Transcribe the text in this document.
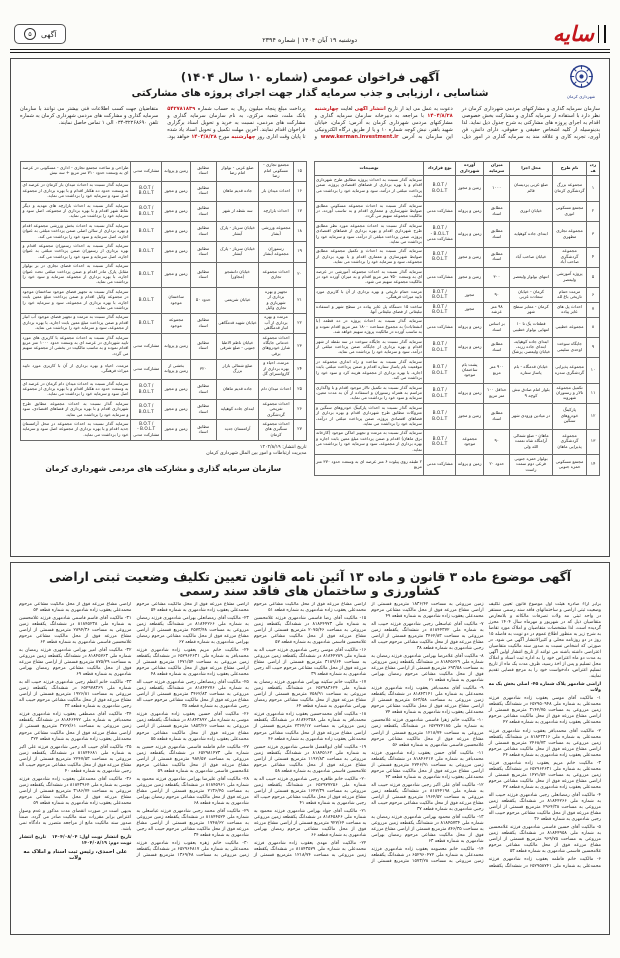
سایه
دوشنبه ۱۹ آبان ۱۴۰۴ | شماره ۲۳۹۴
آگهی
۵
شهرداری کرمان
آگهی فراخوان عمومی (شماره ۱۰ سال ۱۴۰۴)
شناسایی ، ارزیابی و جذب سرمایه گذار جهت اجرای پروژه های مشارکتی
سازمان سرمایه گذاری و مشارکتهای مردمی شهرداری کرمان در نظر دارد با استفاده از سرمایه گذاری و مشارکت بخش خصوصی اقدام به اجرای پروژه های مشارکتی به شرح جدول ذیل نماید. لذا بدینوسیله از کلیه اشخاص حقیقی و حقوقی، دارای دانش، فن آوری، تجربه کاری و علاقه مند به سرمایه گذاری در امور ذیل، دعوت به عمل می آید از تاریخ انتشار آگهی لغایت چهارشنبه ۱۴۰۴/۸/۲۸ با مراجعه به دبیرخانه سازمان سرمایه گذاری و مشارکتهای مردمی شهرداری کرمان به آدرس: کرمان، خیابان شهید باهنر، نبش کوچه شماره ۱۰ و یا از طریق درگاه الکترونیکی این سازمان به آدرس www.kerman.investment.ir و پرداخت مبلغ پنجاه میلیون ریال به حساب شماره ۵۴۲۷۸۱۸۳۹ بانک ملت، شعبه مرکزی، به نام سازمان سرمایه گذاری و مشارکت های مردمی، نسبت به خرید و تحویل اسناد برگزاری فراخوان اقدام نمایند. آخرین مهلت تکمیل و تحویل اسناد یاد شده تا پایان وقت اداری روز چهارشنبه مورخ ۱۴۰۴/۸/۲۸ خواهد بود. متقاضیان جهت کسب اطلاعات فنی بیشتر می توانند با سازمان سرمایه گذاری و مشارکت های مردمی شهرداری کرمان به شماره تلفن ۳۲۲۶۸۶۹۰-۰۳۴ الی ۱ تماس حاصل نمایند.
ردیف	نام طرح	محل اجرا	میزان سرمایه	آورده شهرداری	نوع قرارداد	توضیحات
۱	مجموعه بزرگ گردشگری کرمان	ضلع غربی پردیسان قائم	۱۰۰۰	زمین و مجوز	B.O.T / B.O.L.T	سرمایه گذار نسبت به احداث پروژه مطابق طرح شهرداری اقدام و با بهره برداری از فضاهای اقتصادی پروژه، ضمن پرداخت مبلغی از درآمد، سود و سرمایه خود را برداشت می نماید.
۲	مجتمع مسکونی انوری	خیابان انوری	مطابق اسناد	زمین و پروانه	مشارکت مدنی	سرمایه گذار نسبت به احداث مجموعه مسکونی مطابق ضوابط شهرسازی و معماری اقدام و به تناسب آورده، در مالکیت مجموعه سهیم می گردد.
۳	مجموعه تجاری مطهری	ابتدای جاده کوهپایه	مطابق اسناد	زمین و پروانه	B.O.T / B.O.L.T - مشارکت مدنی	سرمایه گذار نسبت به احداث مجموعه مورد نظر مطابق طرح شهرداری اقدام و بهره برداری از فضاهای اقتصادی پروژه، ضمن پرداخت مبلغی از درآمد، سود و سرمایه خود را برداشت می نماید.
۴	مجموعه گردشگری صاحب آباد	خیابان صاحب آباد	مطابق اسناد	زمین و مجوز	B.O.T / B.O.L.T	سرمایه گذار نسبت به احداث و تکمیل مجموعه مطابق ضوابط شهرسازی و معماری اقدام و با بهره برداری از مجموعه، سود و سرمایه خود را برداشت می نماید.
۵	پروژه آموزشی ولیعصر	انتهای بولوار ولیعصر	۳۰۰	زمین و مجوز	مشارکت مدنی	سرمایه گذار نسبت به احداث مجموعه آموزشی در عرصه ای به وسعت ۷۵۰ متر مربع اقدام و به میزان آورده خود در مالکیت مجموعه سهیم می شود.
۶	مرمت حمام تاریخی باغ لله	کرمان - خیابان سعادت غربی	۹۰	مجوز	B.O.T / B.O.L.T	مرمت حمام تاریخی و بهره برداری از آن با کاربری مورد تایید میراث فرهنگی.
۷	احداث پل های عابر پیاده	کرمان - معابر سطح شهر	۹۸ متر عرشه	مجوز	B.O.T / B.O.L.T	ساخت ۱۵ دستگاه پل عابر پیاده در سطح شهر و استفاده تبلیغاتی از فضای تبلیغاتی آنها.
۸	مجموعه خطیبی	قطعات یک تا ۱۰ انتهایی بولوار خطیبی	بر اساس اسناد	زمین و پروانه	مشارکت مدنی	سرمایه گذار نسبت به احداث پروژه در ده قطعه (با انشعابات) به مجموع مساحت ۱۸۰۰ متر مربع اقدام نموده و به تناسب آورده در مالکیت پروژه سهیم خواهد شد.
۹	جایگاه سوخت اوحدی سلیمی	ابتدای جاده کوهپایه، ابتدای جاده زرند، خیابان ولیعصر، پزشک	مطابق اسناد	زمین و پروانه	B.O.T / B.O.L.T	سرمایه گذار نسبت به جایگاه سوخت در سه نقطه از شهر اقدام و بهره برداری از جایگاه، ضمن پرداخت مبلغی از درآمد، سود و سرمایه خود را برداشت می نماید.
۱۰	مجموعه پذیرایی گردشگری سدره	خیابان قدمگاه - بام پاساژ ستاره	۹۰۰ متر مربع	پشت بام ساختمان موجود	B.O.T / B.O.L.T	سرمایه گذار نسبت به ساخت و راه اندازی مجموعه در موقعیت بام پاساژ ستاره اقدام و ضمن پرداخت مبلغی بابت اجاره، با بهره برداری از مجموعه هزینه کرد و سود خود را برداشت می کند.
۱۱	تکمیل مجموعه تالار و رستوران شهروند	بلوار امام صادق نبش کوچه ۹	حداقل ۱۰۰ متر مربع	زمین و پروانه	B.O.T / B.O.L.T	سرمایه گذار نسبت به تکمیل تالار موجود اقدام و با واگذاری مراسم به همراه رستوران و استفاده از آن به مدت معین، سرمایه و سود خود را برداشت می نماید.
۱۲	پارکینگ خودروهای سنگین	در میادین ورودی شهر	مطابق اسناد	زمین و مجوز	B.O.T / B.O.L.T	سرمایه گذار نسبت به احداث پارکینگ خودروهای سنگین و متروکات مطابق طرح شهرداری اقدام و بهره برداری از فضاهای اقتصادی پروژه، ضمن پرداخت مبلغی از درآمد، سرمایه خود را برداشت می نماید.
۱۳	مجموعه گردشگری پذیرایی ماهان	ماهان - ضلع شمالی آرامگاه شاه نعمت الله ولی	۹۰	مجموعه موجود	B.O.T / B.O.L.T	سرمایه گذار نسبت به مرمت و تجهیز اماکن موجود (کارخانه برق ماهان) اقدام و ضمن پرداخت مبلغ معین بابت اجاره و بهره برداری از مجموعه، سود و سرمایه خود را برداشت می نماید.
۱۴	مجتمع مسکونی حمزه جنوبی	بولوار حمزه جنوبی فرعی دوم سمت راست	حدود ۲۰	زمین و پروانه	مشارکت مدنی	۲ طبقه روی پیلوت ۶ متر عرصه ای به وسعت حدود ۳۷۰ متر مربع
۱۵	مجتمع تجاری - مسکونی امام رضا	ضلع غربی - بولوار امام رضا	مطابق اسناد	زمین و پروانه	مشارکت مدنی	طراحی و ساخت مجتمع تجاری - اداری - مسکونی در عرصه ای به وسعت حدود ۷۱۰ متر مربع + سه نبش
۱۶	احداث میدان بار	جاده قدیم ماهان	مطابق اسناد	زمین و مجوز	B.O.T / B.O.L.T	سرمایه گذار نسبت به احداث میدان بار کرمان در عرصه ای به وسعت حدود ده هکتار اقدام و با بهره برداری از مجموعه اصل سود و سرمایه خود را برداشت می نماید.
۱۷	احداث بازارچه	سه نقطه از شهر	مطابق اسناد	زمین و مجوز	B.O.T / B.O.L.T	سرمایه گذار نسبت به احداث بازارچه های مهدیه و دیگر نقاط شهر اقدام و با بهره برداری از مجموعه، اصل سود و سرمایه خود را برداشت می نماید.
۱۸	مجموعه ورزشی آبشار	خیابان سرباز - پارک آبشار	مطابق اسناد	زمین و مجوز	B.O.L.T	سرمایه گذار نسبت به احداث بخش ورزشی مجموعه اقدام و بهره برداری از سالن اصلی ضمن پرداخت مبلغی به عنوان اجاره، اصل سرمایه و سود خود را برداشت می کند.
۱۹	رستوران مجموعه آبشار	خیابان سرباز - پارک آبشار	مطابق اسناد	زمین و مجوز	B.O.L.T	سرمایه گذار نسبت به احداث رستوران مجموعه اقدام و بهره برداری از رستوران ضمن پرداخت مبلغی به عنوان اجاره، اصل سرمایه و سود خود را برداشت می کند.
۲۰	احداث مجموعه تجاری	خیابان دانشجو (مجاور)	مطابق اسناد	زمین و مجوز	B.O.L.T	سرمایه گذار نسبت به احداث فضای تجاری در بر بولوار مقابل پارک مادر اقدام و ضمن پرداخت مبلغی تحت عنوان اجاره، با بهره برداری از مجموعه سرمایه و سود خود را برداشت می نماید.
۲۱	تجهیز و بهره برداری از شهربازی و تجاری وکیل	خیابان شریعتی	حدود ۵۰	ساختمان موجود	B.O.L.T	سرمایه گذار نسبت به تجهیز فضای موجود ساختمان موجود در مجموعه وکیل اقدام و ضمن پرداخت مبلغ معین بابت اجاره، با بهره برداری از مجموعه، سود و سرمایه خود را برداشت می نماید.
۲۲	مرمت و بهره برداری از آب انبار قدمگاهی	خیابان شهید قدمگاهی	مطابق اسناد	مجموعه موجود	B.O.L.T	سرمایه گذار نسبت به مرمت و تجهیز فضای موجود آب انبار اقدام و ضمن پرداخت مبلغ معین بابت اجاره، با بهره برداری از مجموعه، سود و سرمایه خود را برداشت می نماید.
۲۳	احداث مجموعه خدماتی جایگاه شارژ خودروهای برقی	خیابان ناظم الاطبا جنوبی - ضلع شرقی	مطابق اسناد	زمین و پروانه	مشارکت مدنی	سرمایه گذار نسبت به احداث مجموعه با کاربری های مورد تایید شهرداری در عرصه ای به وسعت حدود ۱۰۰۰ متر مربع اقدام نموده و به تناسب مالکیت در بخشی از مجموعه سهیم می گردد.
۲۴	مرمت، احیاء و بهره برداری از کاروانسرای گل	ضلع شمالی بازار بزرگ	۳۲۰	بخشی از زمین و پروانه	مشارکت مدنی	مرمت، احیاء و بهره برداری از آن با کاربری مورد تایید میراث فرهنگی.
۲۵	احداث میدان دام	جاده قدیم ماهان	مطابق اسناد	زمین و مجوز	B.O.T / B.O.L.T	سرمایه گذار نسبت به احداث میدان دام کرمان در عرصه ای به وسعت حدود ده هکتار اقدام و با بهره برداری از مجموعه اصل سود و سرمایه خود را برداشت می نماید.
۲۶	احداث مجموعه تفریحی گردشگری	ابتدای جاده کوهپایه	مطابق اسناد	زمین و مجوز	B.O.T / B.O.L.T	سرمایه گذار نسبت به احداث مجموعه مطابق طرح شهرداری اقدام و با بهره برداری از فضاهای اقتصادی، سود و سرمایه خود را برداشت می نماید.
۲۷	احداث مجموعه سنگبری های کرمان	آرامستان جدید	مطابق اسناد	زمین و مجوز	B.O.T / B.O.L.T - مشارکت مدنی	سرمایه گذار نسبت به احداث مجموعه در محل آرامستان جدید اقدام و با بهره برداری از مجموعه اصل سود و سرمایه خود را برداشت می نماید.
تاریخ انتشار: ۱۴۰۴/۸/۱۹
مدیریت ارتباطات و امور بین الملل شهرداری کرمان
سازمان سرمایه گذاری و مشارکت های مردمی شهرداری کرمان
آگهی موضوع ماده ۳ قانون و ماده ۱۳ آئین نامه قانون تعیین تکلیف وضعیت ثبتی اراضی کشاورزی و ساختمان های فاقد سند رسمی

برابر آراء صادره هیئت اول موضوع قانون تعیین تکلیف وضعیت ثبتی اراضی و ساختمانهای فاقد سند رسمی مستقر در واحد ثبتی مه ولات تصرفات مالکانه و بلامعارض متقاضیان ذیل که در شهریور و مهرماه سال ۱۴۰۴ محرز گردیده است، لذا مشخصات متقاضیان و املاک مورد تقاضا به شرح زیر به منظور اطلاع عموم در دو نوبت به فاصله ۱۵ روز در دو روزنامه محلی و کثیرالانتشار آگهی می شود. در صورتی که اشخاص نسبت به صدور سند مالکیت متقاضیان اعتراضی داشته باشند می توانند از تاریخ انتشار اولین آگهی به مدت دو ماه اعتراض خود را به اداره ثبت اسناد و املاک محل تسلیم و پس از اخذ رسید، ظرف مدت یک ماه از تاریخ تسلیم اعتراض، دادخواست خود را به مرجع قضایی تقدیم نمایند.

اراضی شادمهر پلاک شماره ۴۵- اصلی بخش یک مه ولات

۱- مالکیت آقای موسی یعقوب زاده شادمهری فرزند محمدعلی به شماره ملی ۶۵۲۹۵۰۹۴۸ در ششدانگ یکقطعه زمین مزروعی به مساحت ۳۱۴۲/۷۵ مترمربع قسمتی از اراضی مشاع مزرعه فوق از محل مالکیت مشاعی مرحوم محمدعلی یعقوب زاده شادمهری به شماره قطعه ۴۲

۲- مالکیت آقای محمدباقر یعقوب زاده شادمهری فرزند محمدعلی به شماره ملی ۸۱۸۴۳۳۱۶ در ششدانگ یکقطعه زمین مزروعی به مساحت ۲۴۶۸/۷۳ مترمربع قسمتی از اراضی مشاع مزرعه فوق از محل مالکیت مشاعی مرحوم محمدعلی یعقوب زاده شادمهری به شماره قطعه ۴۴

۳- مالکیت خانم مریم یعقوب زاده شادمهری فرزند محمدعلی به شماره ملی ۶۵۲۹۶۲۶۳۱ در ششدانگ یکقطعه زمین مزروعی به مساحت ۱۴۷۱/۵۴ مترمربع قسمتی از اراضی مشاع مزرعه فوق از محل مالکیت مشاعی مرحوم محمدعلی یعقوب زاده شادمهری به شماره قطعه ۴۷

۴- مالکیت آقای رمضانعلی رجبی شادمهری فرزند حبیب اله به شماره ملی ۸۱۸۴۴۲۶۶ در ششدانگ یکقطعه زمین مزروعی به مساحت ۲۹۶۴/۳۸ مترمربع قسمتی از اراضی مشاع مزرعه فوق از محل مالکیت مشاعی مرحوم حبیب اله رجبی شادمهری به شماره قطعه ۳۶

۵- مالکیت آقای حسین قاسمی شادمهری فرزند غلامحسین به شماره ملی ۸۱۸۴۴۹۵۸ در ششدانگ یکقطعه زمین مزروعی به مساحت ۹۶۹/۷۵ مترمربع قسمتی از اراضی مشاع مزرعه فوق از محل مالکیت مشاعی مرحوم غلامحسین قاسمی شادمهری به شماره قطعه ۵۳

۶- مالکیت خانم فاطمه یعقوب زاده شادمهری فرزند محمدعلی به شماره ملی ۶۵۲۹۵۸۷۴۱ در ششدانگ یکقطعه زمین مزروعی به مساحت ۱۸۳۶/۴۲ مترمربع قسمتی از اراضی مشاع مزرعه فوق از محل مالکیت مشاعی مرحوم محمدعلی یعقوب زاده شادمهری به شماره قطعه ۴۹

۷- مالکیت آقای عباسعلی رجبی شادمهری فرزند حبیب اله به شماره ملی ۸۱۸۴۴۳۷۲ در ششدانگ یکقطعه زمین مزروعی به مساحت ۳۴۶۲/۸۳ مترمربع قسمتی از اراضی مشاع مزرعه فوق از محل مالکیت مشاعی مرحوم حبیب اله رجبی شادمهری به شماره قطعه ۳۸

۸- مالکیت آقای غلامرضا بهرامی شادمهری فرزند رمضان به شماره ملی ۸۱۸۴۵۶۲۹ در ششدانگ یکقطعه زمین مزروعی به مساحت ۶۹۳/۵۸ مترمربع قسمتی از اراضی مشاع مزرعه فوق از محل مالکیت مشاعی مرحوم رمضان بهرامی شادمهری به شماره قطعه ۶۱

۹- مالکیت آقای محمدباقر یعقوب زاده شادمهری فرزند محمدعلی به شماره ملی ۸۱۸۴۳۱۴۱ در ششدانگ یکقطعه زمین مزروعی به مساحت ۵۶۳/۵۸ مترمربع قسمتی از اراضی مشاع مزرعه فوق از محل مالکیت مشاعی مرحوم محمدعلی یعقوب زاده شادمهری به شماره قطعه ۷۴

۱۰- مالکیت خانم زهرا قاسمی شادمهری فرزند غلامحسین به شماره ملی ۶۵۲۹۷۴۱۸۵ در ششدانگ یکقطعه زمین مزروعی به مساحت ۱۲۱۸/۷۴ مترمربع قسمتی از اراضی مشاع مزرعه فوق از محل مالکیت مشاعی مرحوم غلامحسین قاسمی شادمهری به شماره قطعه ۵۶

۱۱- مالکیت آقای حسن یعقوب زاده شادمهری فرزند محمدباقر به شماره ملی ۸۱۸۴۶۲۱۷ در ششدانگ یکقطعه زمین مزروعی به مساحت ۲۷۴۶/۹۱ مترمربع قسمتی از اراضی مشاع مزرعه فوق از محل مالکیت مشاعی مرحوم محمدعلی یعقوب زاده شادمهری به شماره قطعه ۴۳

۱۲- مالکیت آقای علی اکبر رجبی شادمهری فرزند حبیب اله به شماره ملی ۸۱۸۴۴۱۹۸ در ششدانگ یکقطعه زمین مزروعی به مساحت ۱۹۶۴/۵۲ مترمربع قسمتی از اراضی مشاع مزرعه فوق از محل مالکیت مشاعی مرحوم حبیب اله رجبی شادمهری به شماره قطعه ۳۷

۱۳- مالکیت آقای محمود بهرامی شادمهری فرزند رمضان به شماره ملی ۸۱۸۴۵۷۳۴ در ششدانگ یکقطعه زمین مزروعی به مساحت ۸۴۶/۳۵ مترمربع قسمتی از اراضی مشاع مزرعه فوق از محل مالکیت مشاعی مرحوم رمضان بهرامی شادمهری به شماره قطعه ۶۳

۱۴- مالکیت خانم معصومه یعقوب زاده شادمهری فرزند محمدعلی به شماره ملی ۶۵۲۹۶۰۴۷۲ در ششدانگ یکقطعه زمین مزروعی به مساحت ۱۵۷۳/۲۸ مترمربع قسمتی از اراضی مشاع مزرعه فوق از محل مالکیت مشاعی مرحوم محمدعلی یعقوب زاده شادمهری به شماره قطعه ۵۱

۱۵- مالکیت آقای رضا قاسمی شادمهری فرزند غلامحسین به شماره ملی ۸۱۸۴۴۹۷۳ در ششدانگ یکقطعه زمین مزروعی به مساحت ۲۰۷۵/۴۶ مترمربع قسمتی از اراضی مشاع مزرعه فوق از محل مالکیت مشاعی مرحوم غلامحسین قاسمی شادمهری به شماره قطعه ۵۷

۱۶- مالکیت آقای موسی رجبی شادمهری فرزند حبیب اله به شماره ملی ۸۱۸۴۴۲۸۹ در ششدانگ یکقطعه زمین مزروعی به مساحت ۳۱۸۹/۶۴ مترمربع قسمتی از اراضی مشاع مزرعه فوق از محل مالکیت مشاعی مرحوم حبیب اله رجبی شادمهری به شماره قطعه ۳۹

۱۷- مالکیت خانم سکینه بهرامی شادمهری فرزند رمضان به شماره ملی ۶۵۲۹۸۳۶۲۴ در ششدانگ یکقطعه زمین مزروعی به مساحت ۷۵۸/۹۱ مترمربع قسمتی از اراضی مشاع مزرعه فوق از محل مالکیت مشاعی مرحوم رمضان بهرامی شادمهری به شماره قطعه ۶۴

۱۸- مالکیت آقای محمدحسین یعقوب زاده شادمهری فرزند محمدباقر به شماره ملی ۸۱۸۴۶۳۵۸ در ششدانگ یکقطعه زمین مزروعی به مساحت ۲۳۶۴/۱۷ مترمربع قسمتی از اراضی مشاع مزرعه فوق از محل مالکیت مشاعی مرحوم محمدعلی یعقوب زاده شادمهری به شماره قطعه ۴۶

۱۹- مالکیت آقای ابوالفضل قاسمی شادمهری فرزند حسین به شماره ملی ۸۱۸۴۵۱۶۲ در ششدانگ یکقطعه زمین مزروعی به مساحت ۱۱۹۲/۸۳ مترمربع قسمتی از اراضی مشاع مزرعه فوق از محل مالکیت مشاعی مرحوم غلامحسین قاسمی شادمهری به شماره قطعه ۵۸

۲۰- مالکیت خانم طاهره رجبی شادمهری فرزند حبیب اله به شماره ملی ۶۵۲۹۷۷۲۵۶ در ششدانگ یکقطعه زمین مزروعی به مساحت ۱۶۴۷/۳۹ مترمربع قسمتی از اراضی مشاع مزرعه فوق از محل مالکیت مشاعی مرحوم حبیب اله رجبی شادمهری به شماره قطعه ۴۱

۲۱- مالکیت آقای جواد بهرامی شادمهری فرزند محمود به شماره ملی ۸۱۸۴۵۸۴۶ در ششدانگ یکقطعه زمین مزروعی به مساحت ۹۲۷/۶۴ مترمربع قسمتی از اراضی مشاع مزرعه فوق از محل مالکیت مشاعی مرحوم رمضان بهرامی شادمهری به شماره قطعه ۶۶

۲۲- مالکیت آقای مهدی یعقوب زاده شادمهری فرزند محمدعلی به شماره ملی ۸۱۸۴۳۵۷۹ در ششدانگ یکقطعه زمین مزروعی به مساحت ۱۲۱۸/۷۴ مترمربع قسمتی از اراضی مشاع مزرعه فوق از محل مالکیت مشاعی مرحوم محمدعلی یعقوب زاده شادمهری به شماره قطعه ۵۴

۲۳- مالکیت آقای رمضانعلی بهرامی شادمهری فرزند رمضان به شماره ملی ۸۱۸۴۴۲۶۶ در ششدانگ یکقطعه زمین مزروعی به مساحت ۲۵۷۳/۴۸ مترمربع قسمتی از اراضی مشاع مزرعه فوق از محل مالکیت مشاعی مرحوم رمضان بهرامی شادمهری به شماره قطعه ۶۷

۲۴- مالکیت خانم مریم یعقوب زاده شادمهری فرزند محمدباقر به شماره ملی ۶۵۲۹۶۲۶۳۱ در ششدانگ یکقطعه زمین مزروعی به مساحت ۱۴۷۱/۵۴ مترمربع قسمتی از اراضی مشاع مزرعه فوق از محل مالکیت مشاعی مرحوم محمدعلی یعقوب زاده شادمهری به شماره قطعه ۴۸

۲۵- مالکیت آقای رمضانعلی رجبی شادمهری فرزند حبیب اله به شماره ملی ۸۱۸۴۴۲۷۶ در ششدانگ یکقطعه زمین مزروعی به مساحت ۳۴۶۲/۸۳ مترمربع قسمتی از اراضی مشاع مزرعه فوق از محل مالکیت مشاعی مرحوم حبیب اله رجبی شادمهری به شماره قطعه ۳۵

۲۶- مالکیت آقای حسین یعقوب زاده شادمهری فرزند موسی به شماره ملی ۸۱۸۴۳۸۹۲ در ششدانگ یکقطعه زمین مزروعی به مساحت ۱۸۵۳/۲۶ مترمربع قسمتی از اراضی مشاع مزرعه فوق از محل مالکیت مشاعی مرحوم محمدعلی یعقوب زاده شادمهری به شماره قطعه ۵۵

۲۷- مالکیت خانم فاطمه قاسمی شادمهری فرزند حسین به شماره ملی ۶۵۲۹۸۱۴۷۳ در ششدانگ یکقطعه زمین مزروعی به مساحت ۹۸۴/۵۷ مترمربع قسمتی از اراضی مشاع مزرعه فوق از محل مالکیت مشاعی مرحوم غلامحسین قاسمی شادمهری به شماره قطعه ۵۹

۲۸- مالکیت آقای علیرضا بهرامی شادمهری فرزند محمود به شماره ملی ۸۱۸۴۵۹۶۱ در ششدانگ یکقطعه زمین مزروعی به مساحت ۲۱۳۶/۴۵ مترمربع قسمتی از اراضی مشاع مزرعه فوق از محل مالکیت مشاعی مرحوم رمضان بهرامی شادمهری به شماره قطعه ۶۸

۲۹- مالکیت آقای محمد رجبی شادمهری فرزند عباسعلی به شماره ملی ۸۱۸۴۴۵۲۴ در ششدانگ یکقطعه زمین مزروعی به مساحت ۱۷۴۸/۶۲ مترمربع قسمتی از اراضی مشاع مزرعه فوق از محل مالکیت مشاعی مرحوم حبیب اله رجبی شادمهری به شماره قطعه ۳۴

۳۰- مالکیت خانم زهره یعقوب زاده شادمهری فرزند محمدعلی به شماره ملی ۶۵۲۹۶۴۸۱۷ در ششدانگ یکقطعه زمین مزروعی به مساحت ۱۳۶۹/۴۸ مترمربع قسمتی از اراضی مشاع مزرعه فوق از محل مالکیت مشاعی مرحوم محمدعلی یعقوب زاده شادمهری به شماره قطعه ۵۲

۳۱- مالکیت آقای قاسم قاسمی شادمهری فرزند غلامحسین به شماره ملی ۸۱۸۴۵۲۳۸ در ششدانگ یکقطعه زمین مزروعی به مساحت ۲۸۹۴/۳۶ مترمربع قسمتی از اراضی مشاع مزرعه فوق از محل مالکیت مشاعی مرحوم غلامحسین قاسمی شادمهری به شماره قطعه ۶۲

۳۲- مالکیت آقای امیر بهرامی شادمهری فرزند رمضان به شماره ملی ۸۱۸۴۵۷۶۳ در ششدانگ یکقطعه زمین مزروعی به مساحت ۸۷۵/۲۹ مترمربع قسمتی از اراضی مشاع مزرعه فوق از محل مالکیت مشاعی مرحوم رمضان بهرامی شادمهری به شماره قطعه ۶۹

۳۳- مالکیت خانم اعظم رجبی شادمهری فرزند حبیب اله به شماره ملی ۶۵۲۹۷۸۳۶۹ در ششدانگ یکقطعه زمین مزروعی به مساحت ۱۹۲۶/۸۱ مترمربع قسمتی از اراضی مشاع مزرعه فوق از محل مالکیت مشاعی مرحوم حبیب اله رجبی شادمهری به شماره قطعه ۳۳

۳۴- مالکیت آقای مصطفی یعقوب زاده شادمهری فرزند محمدباقر به شماره ملی ۸۱۸۴۶۴۷۲ در ششدانگ یکقطعه زمین مزروعی به مساحت ۳۷۶۷/۶۱ مترمربع قسمتی از اراضی مشاع مزرعه فوق از محل مالکیت مشاعی مرحوم محمدعلی یعقوب زاده شادمهری به شماره قطعه ۳۲۲

۳۵- مالکیت آقای حبیب اله رجبی شادمهری فرزند علی اکبر به شماره ملی ۸۱۸۴۴۶۸۱ در ششدانگ یکقطعه زمین مزروعی به مساحت ۲۲۴۷/۵۳ مترمربع قسمتی از اراضی مشاع مزرعه فوق از محل مالکیت مشاعی مرحوم حبیب اله رجبی شادمهری به شماره قطعه ۴۰

۳۶- مالکیت آقای محمدعلی یعقوب زاده شادمهری فرزند موسی به شماره ملی ۸۱۸۴۳۹۶۴ در ششدانگ یکقطعه زمین مزروعی به مساحت ۳۱۸۶/۷۴ مترمربع قسمتی از اراضی مشاع مزرعه فوق از محل مالکیت مشاعی مرحوم محمدعلی یعقوب زاده شادمهری به شماره قطعه ۵۹

بدیهی است در صورت انقضای مدت مذکور و عدم وصول اعتراض برابر مقررات سند مالکیت صادر می گردد. ضمناً صدور سند مالکیت مانع از مراجعه متضرر به دادگاه نمی باشد.

تاریخ انتشار نوبت اول: ۱۴۰۴/۰۸/۰۴   تاریخ انتشار نوبت دوم: ۱۴۰۴/۰۸/۱۹

علی احمدی، رئیس ثبت اسناد و املاک مه ولات
